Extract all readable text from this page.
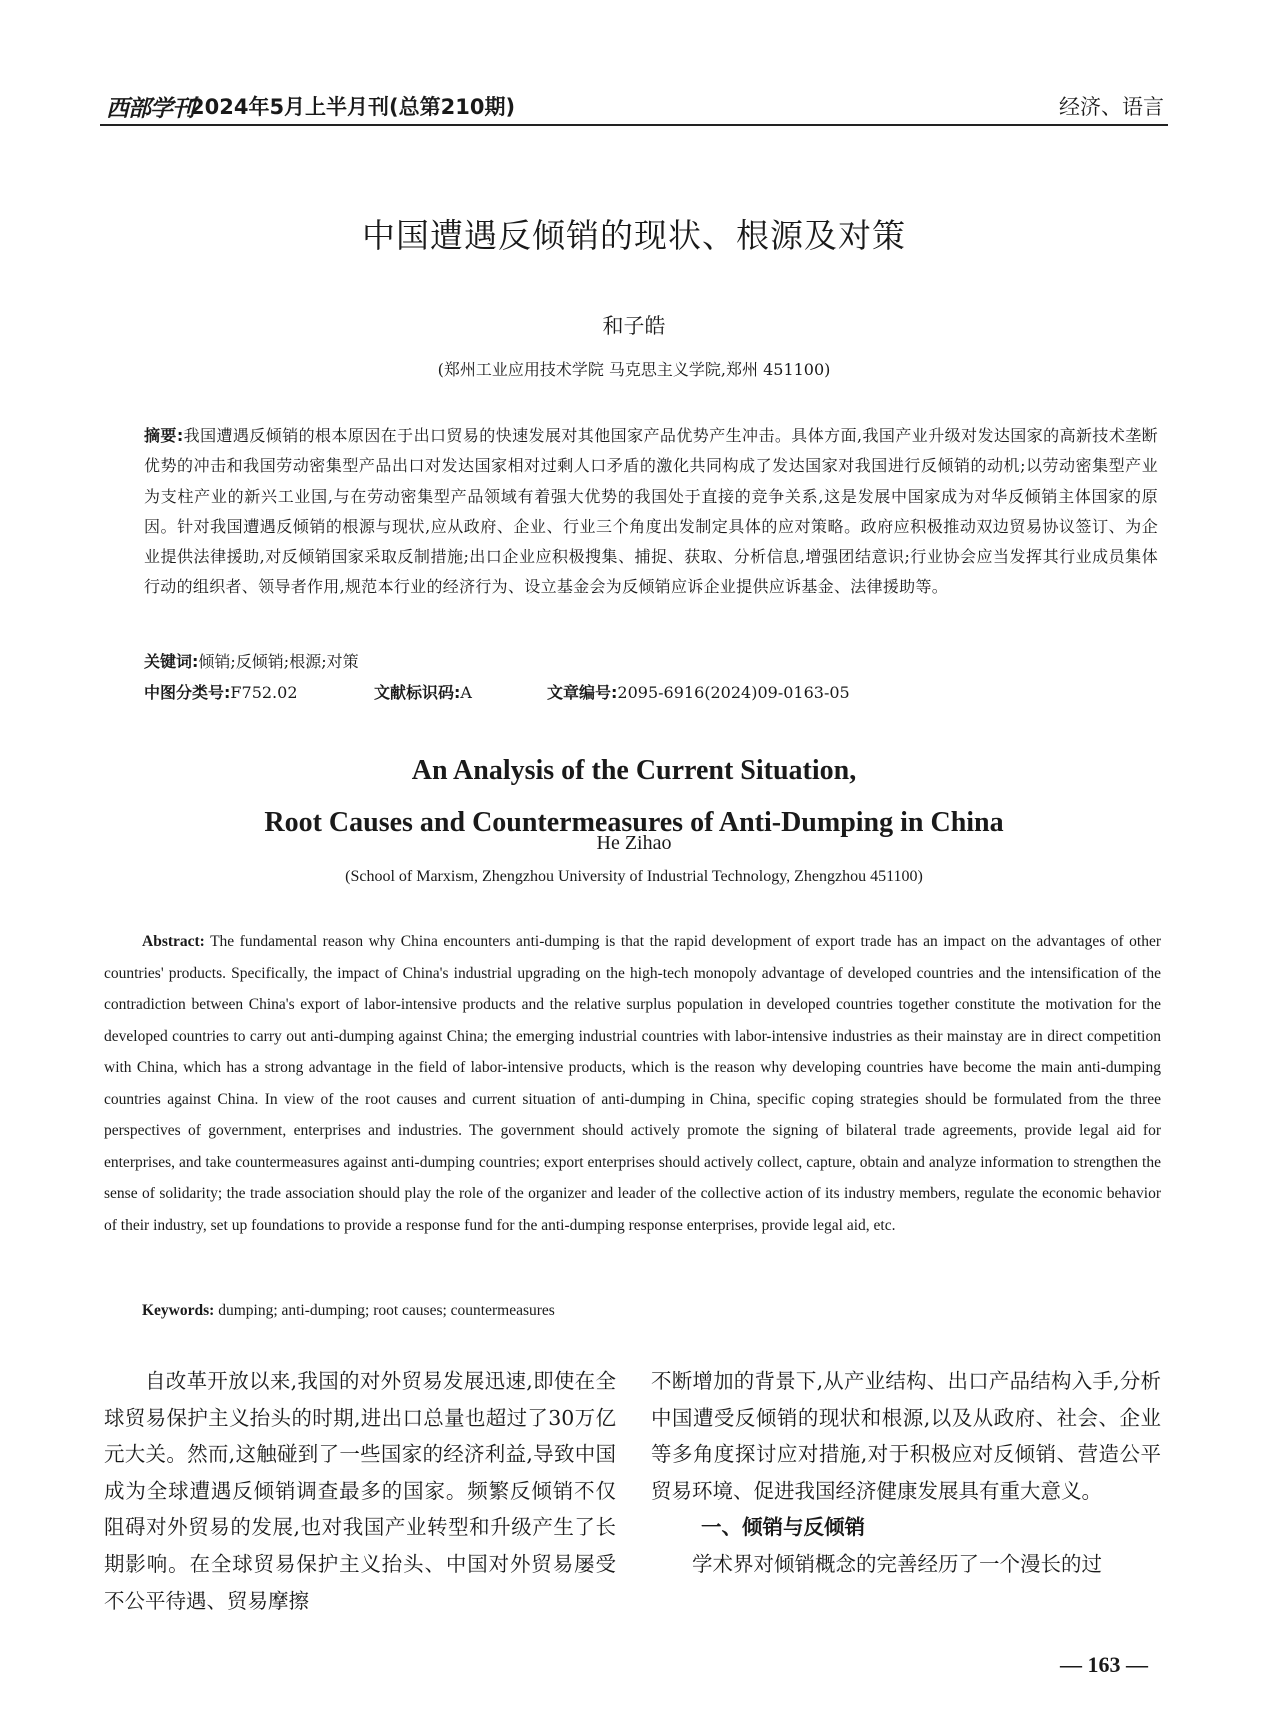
西部学刊
2024年5月上半月刊(总第210期)	经济、语言
中国遭遇反倾销的现状、根源及对策
和子皓
(郑州工业应用技术学院 马克思主义学院,郑州 451100)
摘要:我国遭遇反倾销的根本原因在于出口贸易的快速发展对其他国家产品优势产生冲击。具体方面,我国产业升级对发达国家的高新技术垄断优势的冲击和我国劳动密集型产品出口对发达国家相对过剩人口矛盾的激化共同构成了发达国家对我国进行反倾销的动机;以劳动密集型产业为支柱产业的新兴工业国,与在劳动密集型产品领域有着强大优势的我国处于直接的竞争关系,这是发展中国家成为对华反倾销主体国家的原因。针对我国遭遇反倾销的根源与现状,应从政府、企业、行业三个角度出发制定具体的应对策略。政府应积极推动双边贸易协议签订、为企业提供法律援助,对反倾销国家采取反制措施;出口企业应积极搜集、捕捉、获取、分析信息,增强团结意识;行业协会应当发挥其行业成员集体行动的组织者、领导者作用,规范本行业的经济行为、设立基金会为反倾销应诉企业提供应诉基金、法律援助等。
关键词:倾销;反倾销;根源;对策
中图分类号:F752.02	文献标识码:A	文章编号:2095-6916(2024)09-0163-05
An Analysis of the Current Situation,
Root Causes and Countermeasures of Anti-Dumping in China
He Zihao
(School of Marxism, Zhengzhou University of Industrial Technology, Zhengzhou 451100)
Abstract: The fundamental reason why China encounters anti-dumping is that the rapid development of export trade has an impact on the advantages of other countries' products. Specifically, the impact of China's industrial upgrading on the high-tech monopoly advantage of developed countries and the intensification of the contradiction between China's export of labor-intensive products and the relative surplus population in developed countries together constitute the motivation for the developed countries to carry out anti-dumping against China; the emerging industrial countries with labor-intensive industries as their mainstay are in direct competition with China, which has a strong advantage in the field of labor-intensive products, which is the reason why developing countries have become the main anti-dumping countries against China. In view of the root causes and current situation of anti-dumping in China, specific coping strategies should be formulated from the three perspectives of government, enterprises and industries. The government should actively promote the signing of bilateral trade agreements, provide legal aid for enterprises, and take countermeasures against anti-dumping countries; export enterprises should actively collect, capture, obtain and analyze information to strengthen the sense of solidarity; the trade association should play the role of the organizer and leader of the collective action of its industry members, regulate the economic behavior of their industry, set up foundations to provide a response fund for the anti-dumping response enterprises, provide legal aid, etc.
Keywords: dumping; anti-dumping; root causes; countermeasures
自改革开放以来,我国的对外贸易发展迅速,即使在全球贸易保护主义抬头的时期,进出口总量也超过了30万亿元大关。然而,这触碰到了一些国家的经济利益,导致中国成为全球遭遇反倾销调查最多的国家。频繁反倾销不仅阻碍对外贸易的发展,也对我国产业转型和升级产生了长期影响。在全球贸易保护主义抬头、中国对外贸易屡受不公平待遇、贸易摩擦
不断增加的背景下,从产业结构、出口产品结构入手,分析中国遭受反倾销的现状和根源,以及从政府、社会、企业等多角度探讨应对措施,对于积极应对反倾销、营造公平贸易环境、促进我国经济健康发展具有重大意义。
一、倾销与反倾销
学术界对倾销概念的完善经历了一个漫长的过
— 163 —
